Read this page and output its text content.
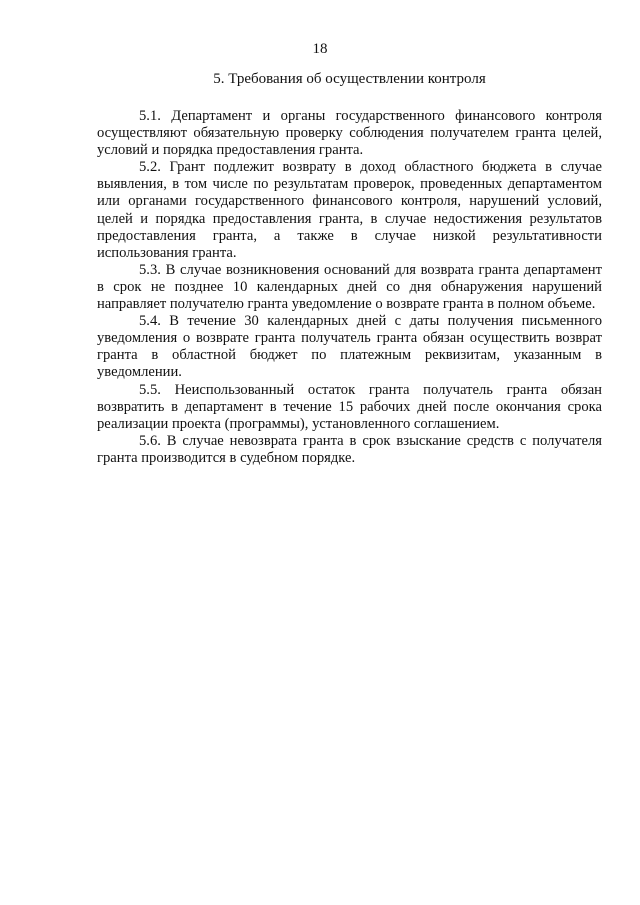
18
5. Требования об осуществлении контроля

5.1. Департамент и органы государственного финансового контроля осуществляют обязательную проверку соблюдения получателем гранта целей, условий и порядка предоставления гранта.

5.2. Грант подлежит возврату в доход областного бюджета в случае выявления, в том числе по результатам проверок, проведенных департаментом или органами государственного финансового контроля, нарушений условий, целей и порядка предоставления гранта, в случае недостижения результатов предоставления гранта, а также в случае низкой результативности использования гранта.

5.3. В случае возникновения оснований для возврата гранта департамент в срок не позднее 10 календарных дней со дня обнаружения нарушений направляет получателю гранта уведомление о возврате гранта в полном объеме.

5.4. В течение 30 календарных дней с даты получения письменного уведомления о возврате гранта получатель гранта обязан осуществить возврат гранта в областной бюджет по платежным реквизитам, указанным в уведомлении.

5.5. Неиспользованный остаток гранта получатель гранта обязан возвратить в департамент в течение 15 рабочих дней после окончания срока реализации проекта (программы), установленного соглашением.

5.6. В случае невозврата гранта в срок взыскание средств с получателя гранта производится в судебном порядке.
